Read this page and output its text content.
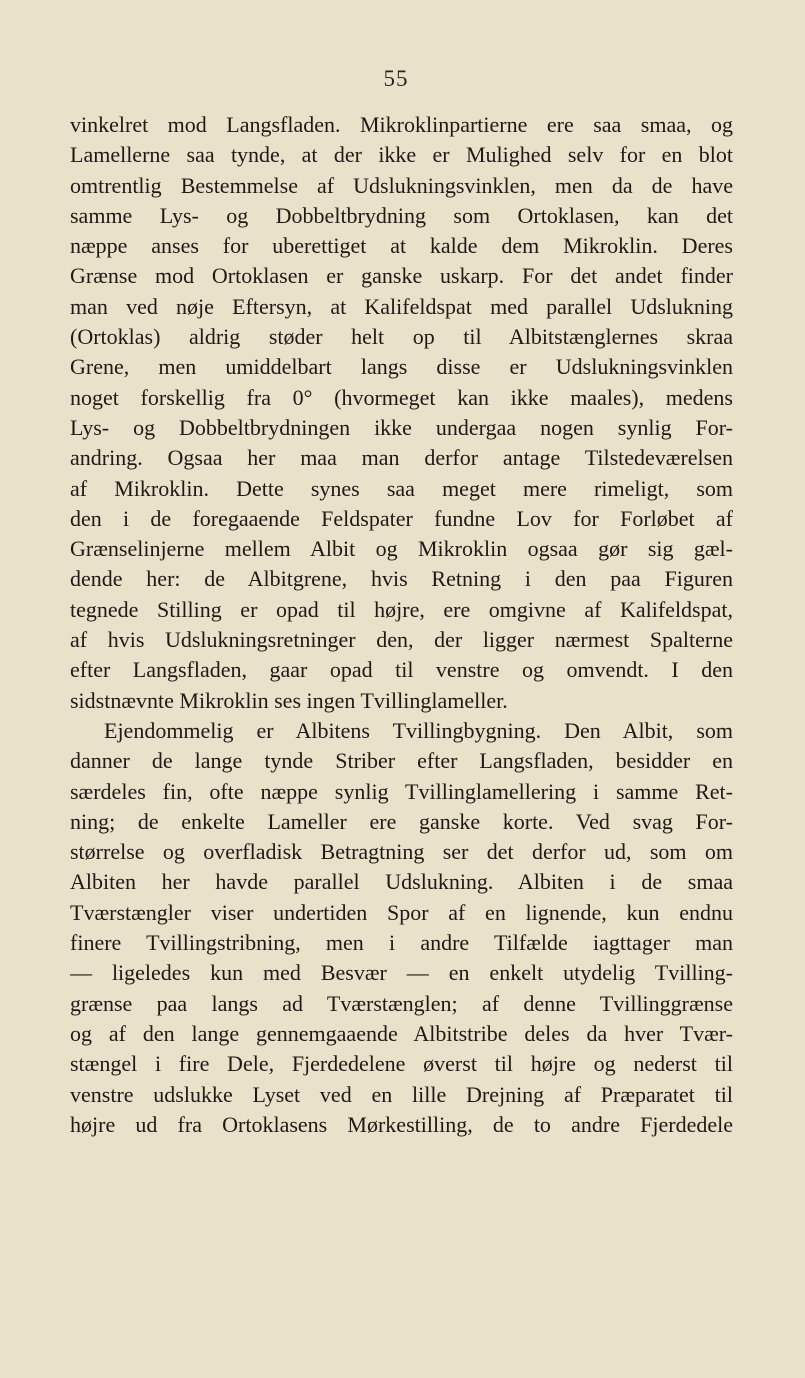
55
vinkelret mod Langsfladen. Mikroklinpartierne ere saa smaa, og
Lamellerne saa tynde, at der ikke er Mulighed selv for en blot
omtrentlig Bestemmelse af Udslukningsvinklen, men da de have
samme Lys- og Dobbeltbrydning som Ortoklasen, kan det
næppe anses for uberettiget at kalde dem Mikroklin. Deres
Grænse mod Ortoklasen er ganske uskarp. For det andet finder
man ved nøje Eftersyn, at Kalifeldspat med parallel Udslukning
(Ortoklas) aldrig støder helt op til Albitstænglernes skraa
Grene, men umiddelbart langs disse er Udslukningsvinklen
noget forskellig fra 0° (hvormeget kan ikke maales), medens
Lys- og Dobbeltbrydningen ikke undergaa nogen synlig For-
andring. Ogsaa her maa man derfor antage Tilstedeværelsen
af Mikroklin. Dette synes saa meget mere rimeligt, som
den i de foregaaende Feldspater fundne Lov for Forløbet af
Grænselinjerne mellem Albit og Mikroklin ogsaa gør sig gæl-
dende her: de Albitgrene, hvis Retning i den paa Figuren
tegnede Stilling er opad til højre, ere omgivne af Kalifeldspat,
af hvis Udslukningsretninger den, der ligger nærmest Spalterne
efter Langsfladen, gaar opad til venstre og omvendt. I den
sidstnævnte Mikroklin ses ingen Tvillinglameller.
Ejendommelig er Albitens Tvillingbygning. Den Albit, som
danner de lange tynde Striber efter Langsfladen, besidder en
særdeles fin, ofte næppe synlig Tvillinglamellering i samme Ret-
ning; de enkelte Lameller ere ganske korte. Ved svag For-
størrelse og overfladisk Betragtning ser det derfor ud, som om
Albiten her havde parallel Udslukning. Albiten i de smaa
Tværstængler viser undertiden Spor af en lignende, kun endnu
finere Tvillingstribning, men i andre Tilfælde iagttager man
— ligeledes kun med Besvær — en enkelt utydelig Tvilling-
grænse paa langs ad Tværstænglen; af denne Tvillinggrænse
og af den lange gennemgaaende Albitstribe deles da hver Tvær-
stængel i fire Dele, Fjerdedelene øverst til højre og nederst til
venstre udslukke Lyset ved en lille Drejning af Præparatet til
højre ud fra Ortoklasens Mørkestilling, de to andre Fjerdedele
